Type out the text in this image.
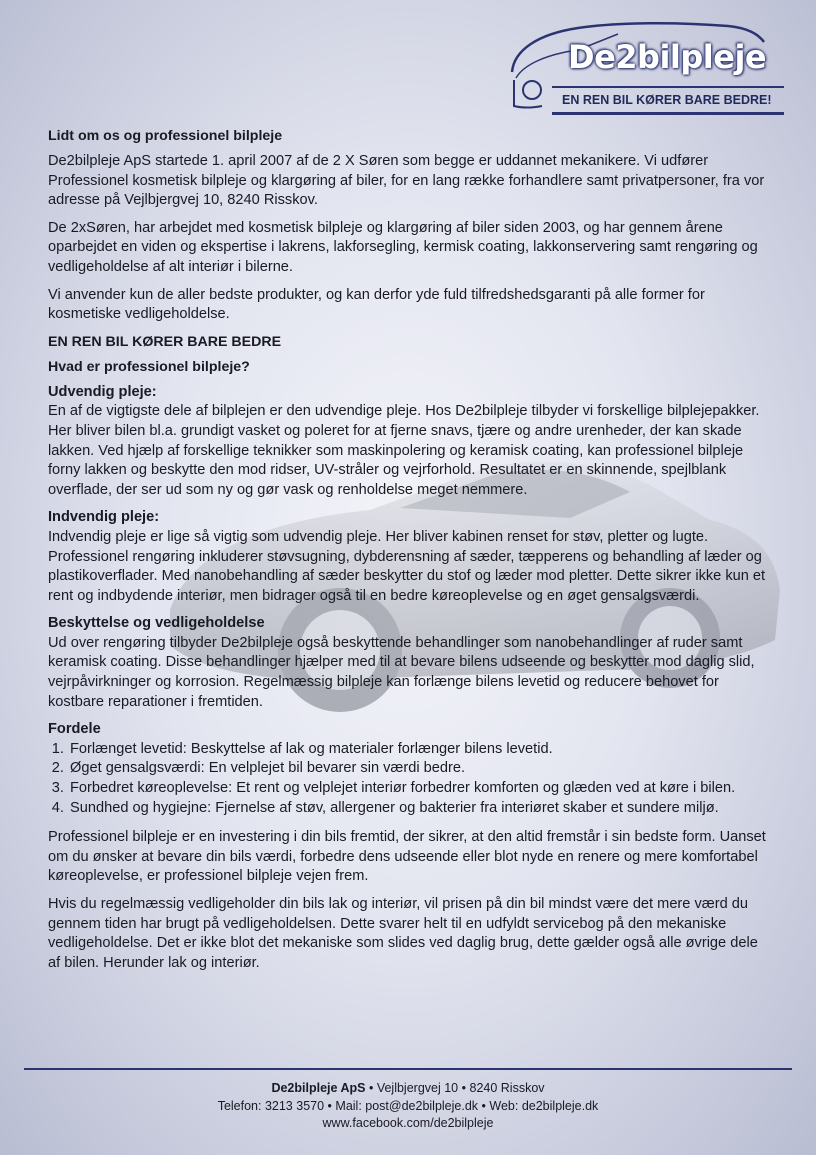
De2bilpleje
EN REN BIL KØRER BARE BEDRE!
Lidt om os og professionel bilpleje

De2bilpleje ApS startede 1. april 2007 af de 2 X Søren som begge er uddannet mekanikere. Vi udfører Professionel kosmetisk bilpleje og klargøring af biler, for en lang række forhandlere samt privatpersoner, fra vor adresse på Vejlbjergvej 10, 8240 Risskov.

De 2xSøren, har arbejdet med kosmetisk bilpleje og klargøring af biler siden 2003, og har gennem årene oparbejdet en viden og ekspertise i lakrens, lakforsegling, kermisk coating, lakkonservering samt rengøring og vedligeholdelse af alt interiør i bilerne.

Vi anvender kun de aller bedste produkter, og kan derfor yde fuld tilfredshedsgaranti på alle former for kosmetiske vedligeholdelse.

EN REN BIL KØRER BARE BEDRE
Hvad er professionel bilpleje?
Udvendig pleje:

En af de vigtigste dele af bilplejen er den udvendige pleje. Hos De2bilpleje tilbyder vi forskellige bilplejepakker. Her bliver bilen bl.a. grundigt vasket og poleret for at fjerne snavs, tjære og andre urenheder, der kan skade lakken. Ved hjælp af forskellige teknikker som maskinpolering og keramisk coating, kan professionel bilpleje forny lakken og beskytte den mod ridser, UV-stråler og vejrforhold. Resultatet er en skinnende, spejlblank overflade, der ser ud som ny og gør vask og renholdelse meget nemmere.

Indvendig pleje:

Indvendig pleje er lige så vigtig som udvendig pleje. Her bliver kabinen renset for støv, pletter og lugte. Professionel rengøring inkluderer støvsugning, dybderensning af sæder, tæpperens og behandling af læder og plastikoverflader. Med nanobehandling af sæder beskytter du stof og læder mod pletter. Dette sikrer ikke kun et rent og indbydende interiør, men bidrager også til en bedre køreoplevelse og en øget gensalgsværdi.

Beskyttelse og vedligeholdelse

Ud over rengøring tilbyder De2bilpleje også beskyttende behandlinger som nanobehandlinger af ruder samt keramisk coating. Disse behandlinger hjælper med til at bevare bilens udseende og beskytter mod daglig slid, vejrpåvirkninger og korrosion. Regelmæssig bilpleje kan forlænge bilens levetid og reducere behovet for kostbare reparationer i fremtiden.

Fordele
1. Forlænget levetid: Beskyttelse af lak og materialer forlænger bilens levetid.
2. Øget gensalgsværdi: En velplejet bil bevarer sin værdi bedre.
3. Forbedret køreoplevelse: Et rent og velplejet interiør forbedrer komforten og glæden ved at køre i bilen.
4. Sundhed og hygiejne: Fjernelse af støv, allergener og bakterier fra interiøret skaber et sundere miljø.

Professionel bilpleje er en investering i din bils fremtid, der sikrer, at den altid fremstår i sin bedste form. Uanset om du ønsker at bevare din bils værdi, forbedre dens udseende eller blot nyde en renere og mere komfortabel køreoplevelse, er professionel bilpleje vejen frem.

Hvis du regelmæssig vedligeholder din bils lak og interiør, vil prisen på din bil mindst være det mere værd du gennem tiden har brugt på vedligeholdelsen. Dette svarer helt til en udfyldt servicebog på den mekaniske vedligeholdelse. Det er ikke blot det mekaniske som slides ved daglig brug, dette gælder også alle øvrige dele af bilen. Herunder lak og interiør.

De2bilpleje ApS • Vejlbjergvej 10 • 8240 Risskov
Telefon: 3213 3570 • Mail: post@de2bilpleje.dk • Web: de2bilpleje.dk
www.facebook.com/de2bilpleje
